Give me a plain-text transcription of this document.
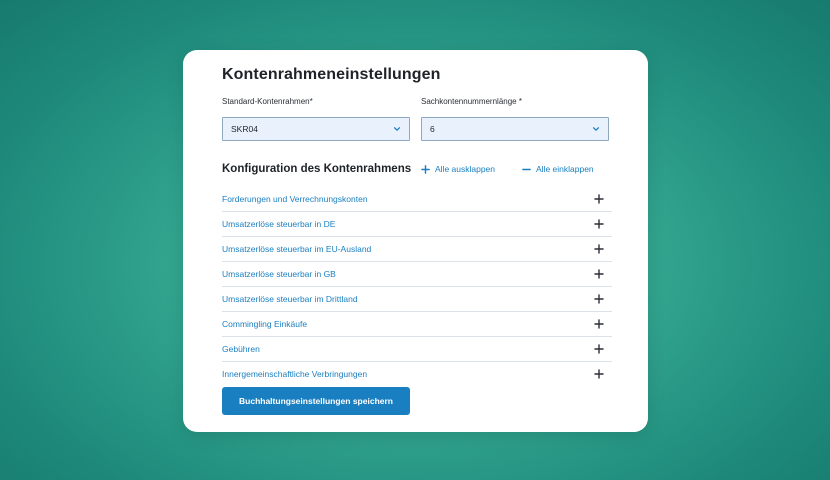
Kontenrahmeneinstellungen
Standard-Kontenrahmen*
SKR04
Sachkontennummernlänge *
6
Konfiguration des Kontenrahmens	Alle ausklappen	Alle einklappen
Forderungen und Verrechnungskonten
Umsatzerlöse steuerbar in DE
Umsatzerlöse steuerbar im EU-Ausland
Umsatzerlöse steuerbar in GB
Umsatzerlöse steuerbar im Drittland
Commingling Einkäufe
Gebühren
Innergemeinschaftliche Verbringungen
Buchhaltungseinstellungen speichern
